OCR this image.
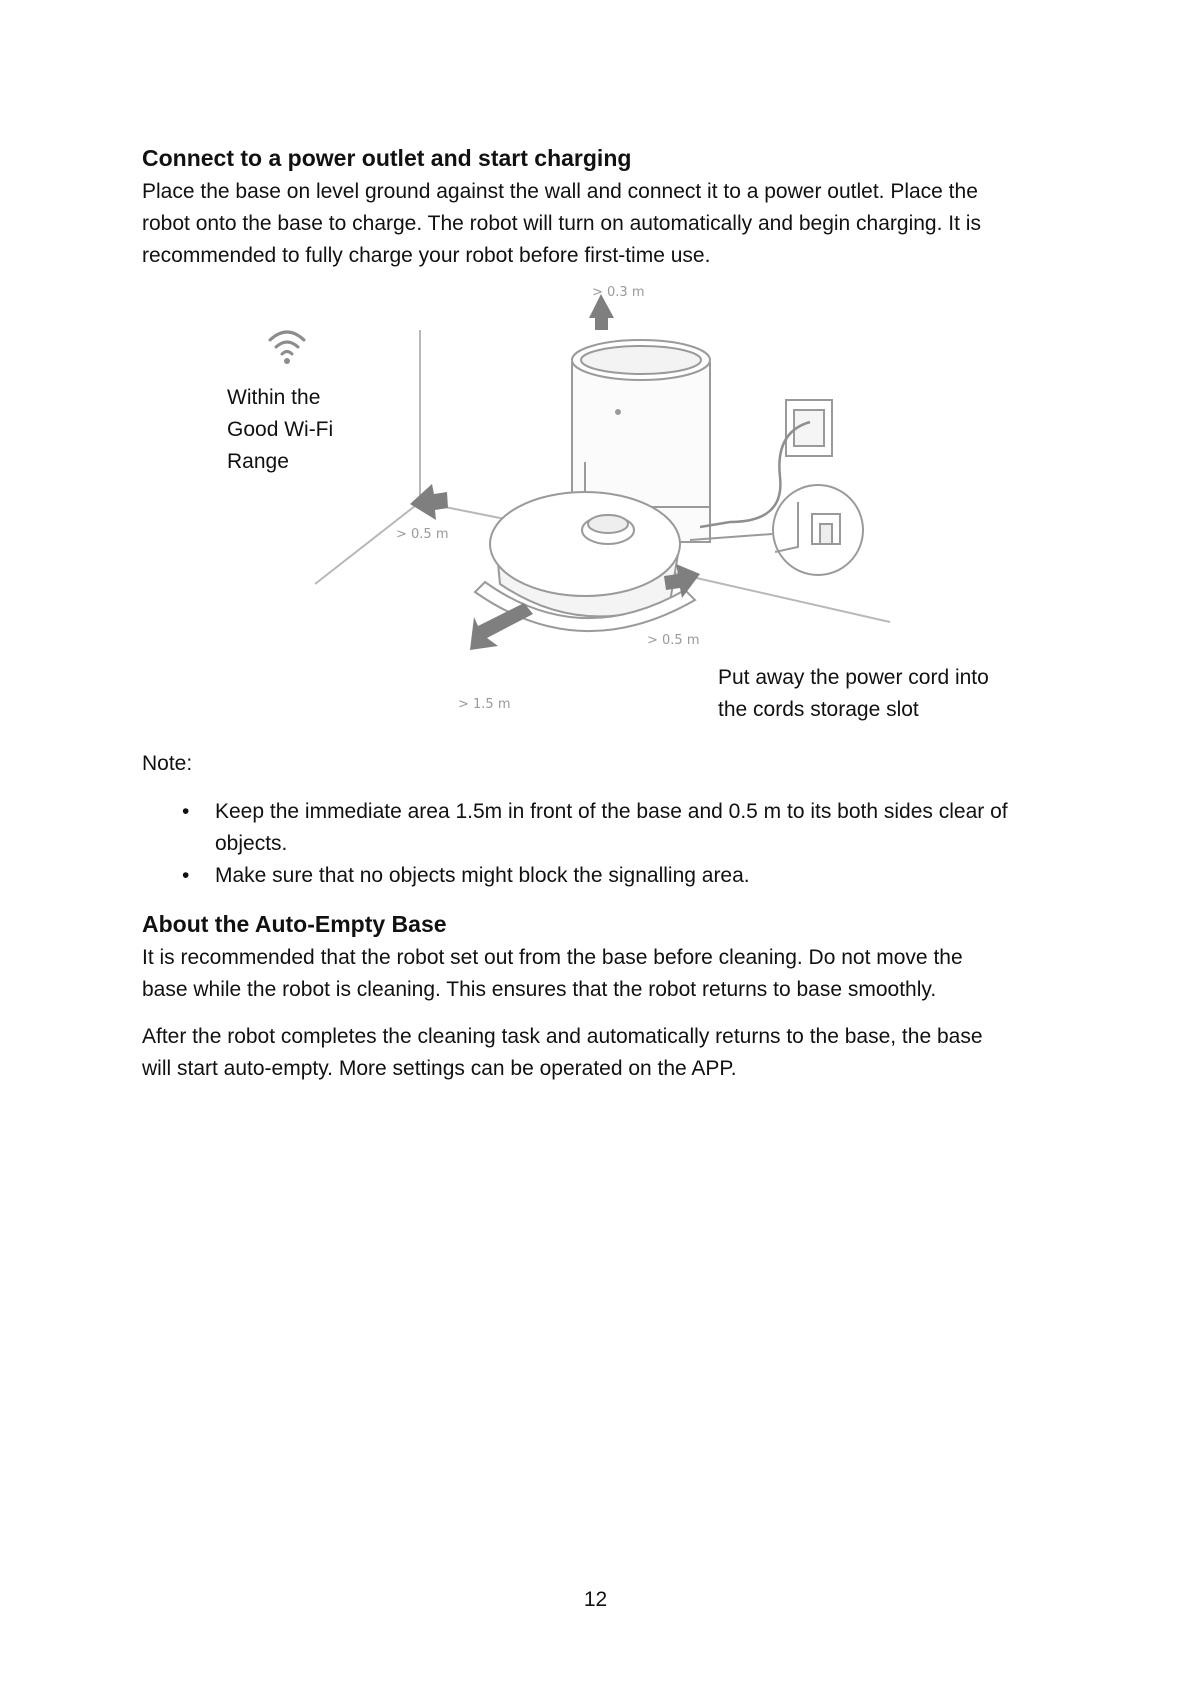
Connect to a power outlet and start charging

Place the base on level ground against the wall and connect it to a power outlet. Place the
robot onto the base to charge. The robot will turn on automatically and begin charging. It is
recommended to fully charge your robot before first-time use.

> 0.3 m
> 0.5 m
> 0.5 m
> 1.5 m

Within the
Good Wi-Fi
Range

Put away the power cord into
the cords storage slot

Note:

• Keep the immediate area 1.5m in front of the base and 0.5 m to its both sides clear of
objects.
• Make sure that no objects might block the signalling area.
About the Auto-Empty Base

It is recommended that the robot set out from the base before cleaning. Do not move the
base while the robot is cleaning. This ensures that the robot returns to base smoothly.

After the robot completes the cleaning task and automatically returns to the base, the base
will start auto-empty. More settings can be operated on the APP.

12
